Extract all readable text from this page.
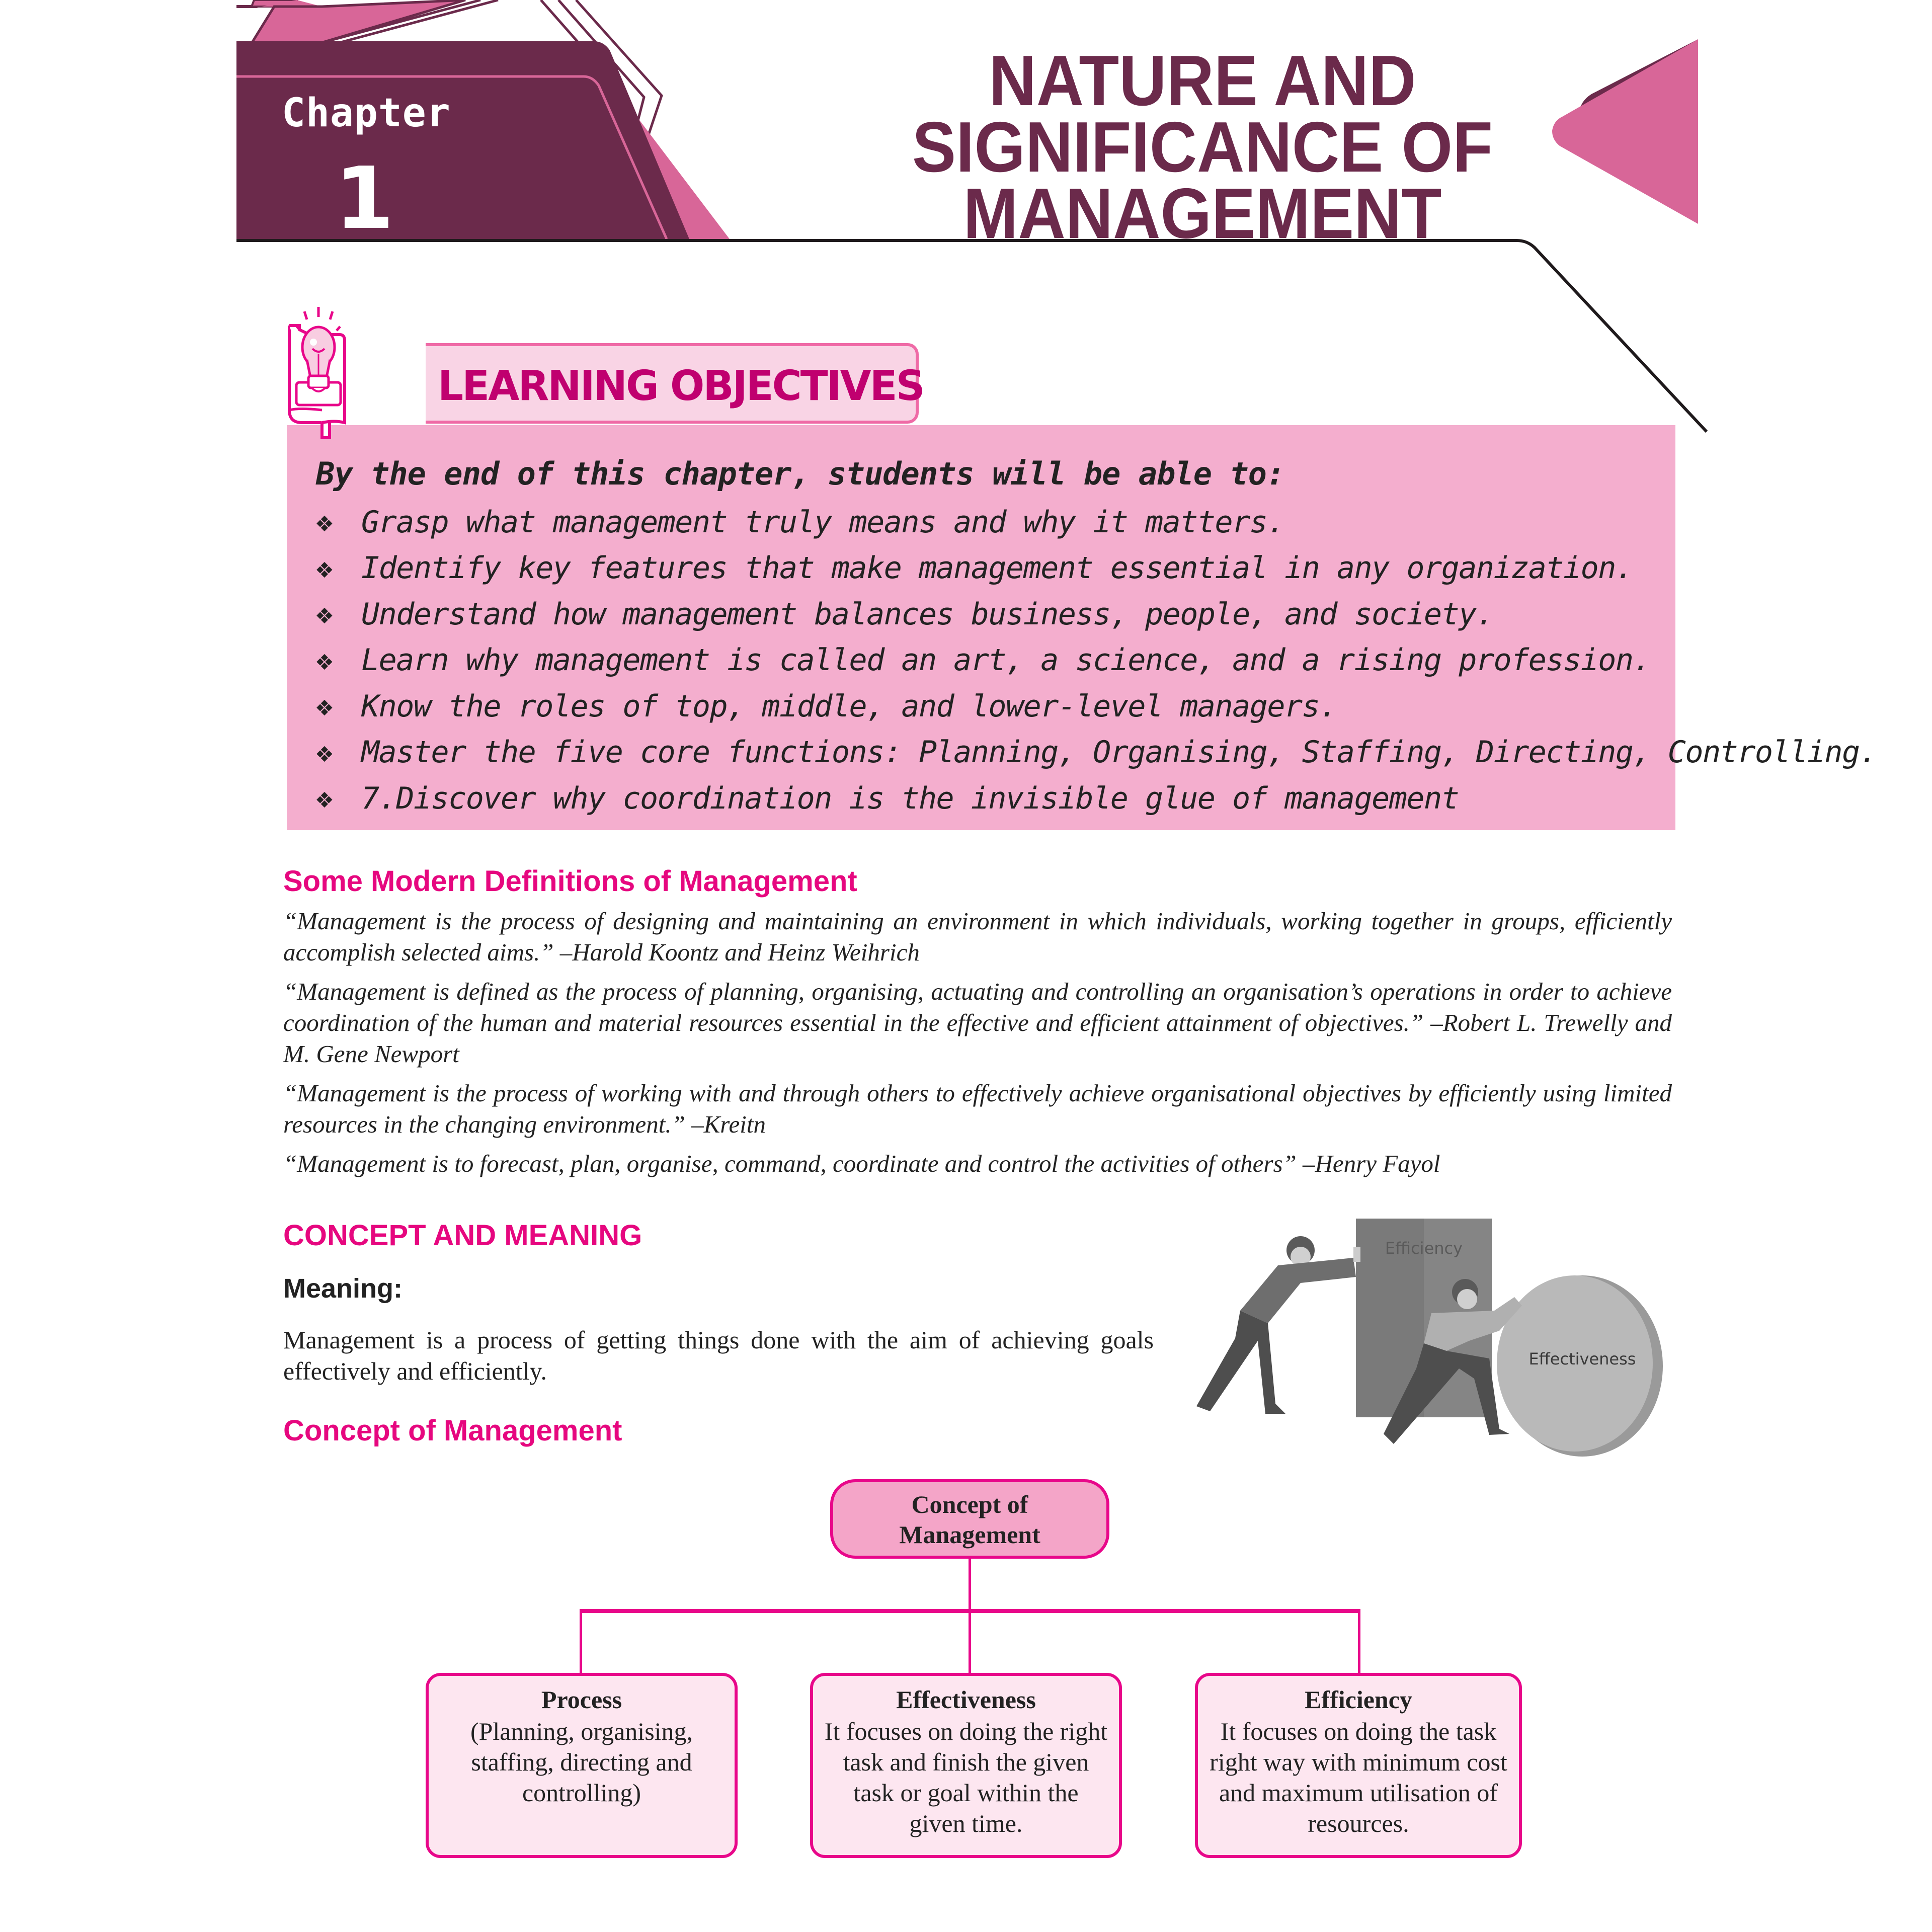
Chapter
1
NATURE AND
SIGNIFICANCE OF
MANAGEMENT
LEARNING OBJECTIVES
By the end of this chapter, students will be able to:
❖ Grasp what management truly means and why it matters.
❖ Identify key features that make management essential in any organization.
❖ Understand how management balances business, people, and society.
❖ Learn why management is called an art, a science, and a rising profession.
❖ Know the roles of top, middle, and lower-level managers.
❖ Master the five core functions: Planning, Organising, Staffing, Directing, Controlling.
❖ 7.Discover why coordination is the invisible glue of management
Some Modern Definitions of Management

“Management is the process of designing and maintaining an environment in which individuals, working together in groups, efficiently accomplish selected aims.” –Harold Koontz and Heinz Weihrich

“Management is defined as the process of planning, organising, actuating and controlling an organisation’s operations in order to achieve coordination of the human and material resources essential in the effective and efficient attainment of objectives.” –Robert L. Trewelly and M. Gene Newport

“Management is the process of working with and through others to effectively achieve organisational objectives by efficiently using limited resources in the changing environment.” –Kreitn

“Management is to forecast, plan, organise, command, coordinate and control the activities of others” –Henry Fayol

CONCEPT AND MEANING
Meaning:

Management is a process of getting things done with the aim of achieving goals effectively and efficiently.

Efficiency
Effectiveness
Concept of Management
Concept of
Management
Process
(Planning, organising, staffing, directing and controlling)
Effectiveness
It focuses on doing the right task and finish the given task or goal within the given time.
Efficiency
It focuses on doing the task right way with minimum cost and maximum utilisation of resources.
